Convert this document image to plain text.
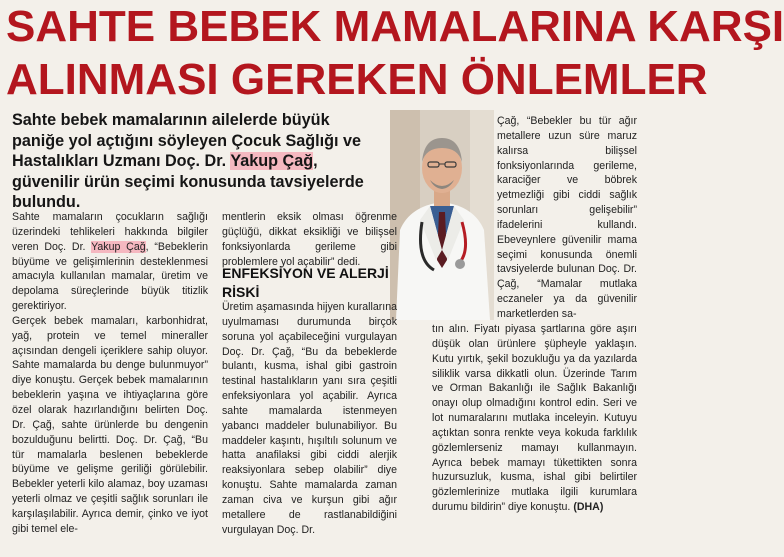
SAHTE BEBEK MAMALARINA KARŞI
ALINMASI GEREKEN ÖNLEMLER
Sahte bebek mamalarının ailelerde büyük paniğe yol açtığını söyleyen Çocuk Sağlığı ve Hastalıkları Uzmanı Doç. Dr. Yakup Çağ, güvenilir ürün seçimi konusunda tavsiyelerde bulundu.

Sahte mamaların çocukların sağlığı üzerindeki tehlikeleri hakkında bilgiler veren Doç. Dr. Yakup Çağ, “Bebeklerin büyüme ve gelişimlerinin desteklenmesi amacıyla kullanılan mamalar, üretim ve depolama süreçlerinde büyük titizlik gerektiriyor.

Gerçek bebek mamaları, karbonhidrat, yağ, protein ve temel mineraller açısından dengeli içeriklere sahip oluyor. Sahte mamalarda bu denge bulunmuyor” diye konuştu. Gerçek bebek mamalarının bebeklerin yaşına ve ihtiyaçlarına göre özel olarak hazırlandığını belirten Doç. Dr. Çağ, sahte ürünlerde bu dengenin bozulduğunu belirtti. Doç. Dr. Çağ, “Bu tür mamalarla beslenen bebeklerde büyüme ve gelişme geriliği görülebilir. Bebekler yeterli kilo alamaz, boy uzaması yeterli olmaz ve çeşitli sağlık sorunları ile karşılaşılabilir. Ayrıca demir, çinko ve iyot gibi temel ele-

mentlerin eksik olması öğrenme güçlüğü, dikkat eksikliği ve bilişsel fonksiyonlarda gerileme gibi problemlere yol açabilir” dedi.

ENFEKSİYON VE ALERJİ RİSKİ

Üretim aşamasında hijyen kurallarına uyulmaması durumunda birçok soruna yol açabileceğini vurgulayan Doç. Dr. Çağ, “Bu da bebeklerde bulantı, kusma, ishal gibi gastroin testinal hastalıkların yanı sıra çeşitli enfeksiyonlara yol açabilir. Ayrıca sahte mamalarda istenmeyen yabancı maddeler bulunabiliyor. Bu maddeler kaşıntı, hışıltılı solunum ve hatta anafilaksi gibi ciddi alerjik reaksiyonlara sebep olabilir” diye konuştu. Sahte mamalarda zaman zaman civa ve kurşun gibi ağır metallere de rastlanabildiğini vurgulayan Doç. Dr.

Çağ, “Bebekler bu tür ağır metallere uzun süre maruz kalırsa bilişsel fonksiyonlarında gerileme, karaciğer ve böbrek yetmezliği gibi ciddi sağlık sorunları gelişebilir” ifadelerini kullandı. Ebeveynlere güvenilir mama seçimi konusunda önemli tavsiyelerde bulunan Doç. Dr. Çağ, “Mamalar mutlaka eczaneler ya da güvenilir marketlerden sa-

tın alın. Fiyatı piyasa şartlarına göre aşırı düşük olan ürünlere şüpheyle yaklaşın. Kutu yırtık, şekil bozukluğu ya da yazılarda siliklik varsa dikkatli olun. Üzerinde Tarım ve Orman Bakanlığı ile Sağlık Bakanlığı onayı olup olmadığını kontrol edin. Seri ve lot numaralarını mutlaka inceleyin. Kutuyu açtıktan sonra renkte veya kokuda farklılık gözlemlerseniz mamayı kullanmayın. Ayrıca bebek mamayı tükettikten sonra huzursuzluk, kusma, ishal gibi belirtiler gözlemlerinize mutlaka ilgili kurumlara durumu bildirin” diye konuştu. (DHA)
